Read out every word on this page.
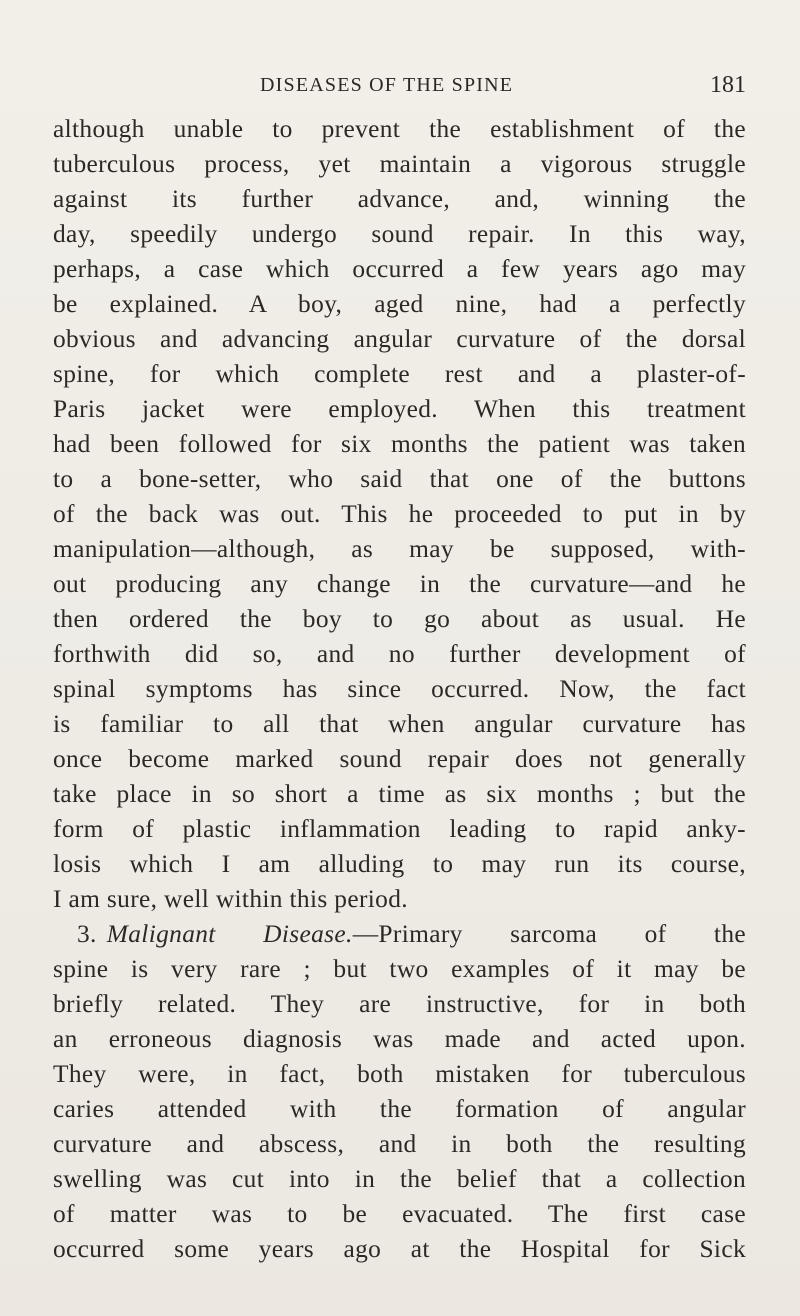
DISEASES OF THE SPINE	181
although unable to prevent the establishment of the
tuberculous process, yet maintain a vigorous struggle
against its further advance, and, winning the
day, speedily undergo sound repair. In this way,
perhaps, a case which occurred a few years ago may
be explained. A boy, aged nine, had a perfectly
obvious and advancing angular curvature of the dorsal
spine, for which complete rest and a plaster-of-
Paris jacket were employed. When this treatment
had been followed for six months the patient was taken
to a bone-setter, who said that one of the buttons
of the back was out. This he proceeded to put in by
manipulation—although, as may be supposed, with-
out producing any change in the curvature—and he
then ordered the boy to go about as usual. He
forthwith did so, and no further development of
spinal symptoms has since occurred. Now, the fact
is familiar to all that when angular curvature has
once become marked sound repair does not generally
take place in so short a time as six months ; but the
form of plastic inflammation leading to rapid anky-
losis which I am alluding to may run its course,
I am sure, well within this period.
3. Malignant Disease.—Primary sarcoma of the
spine is very rare ; but two examples of it may be
briefly related. They are instructive, for in both
an erroneous diagnosis was made and acted upon.
They were, in fact, both mistaken for tuberculous
caries attended with the formation of angular
curvature and abscess, and in both the resulting
swelling was cut into in the belief that a collection
of matter was to be evacuated. The first case
occurred some years ago at the Hospital for Sick
